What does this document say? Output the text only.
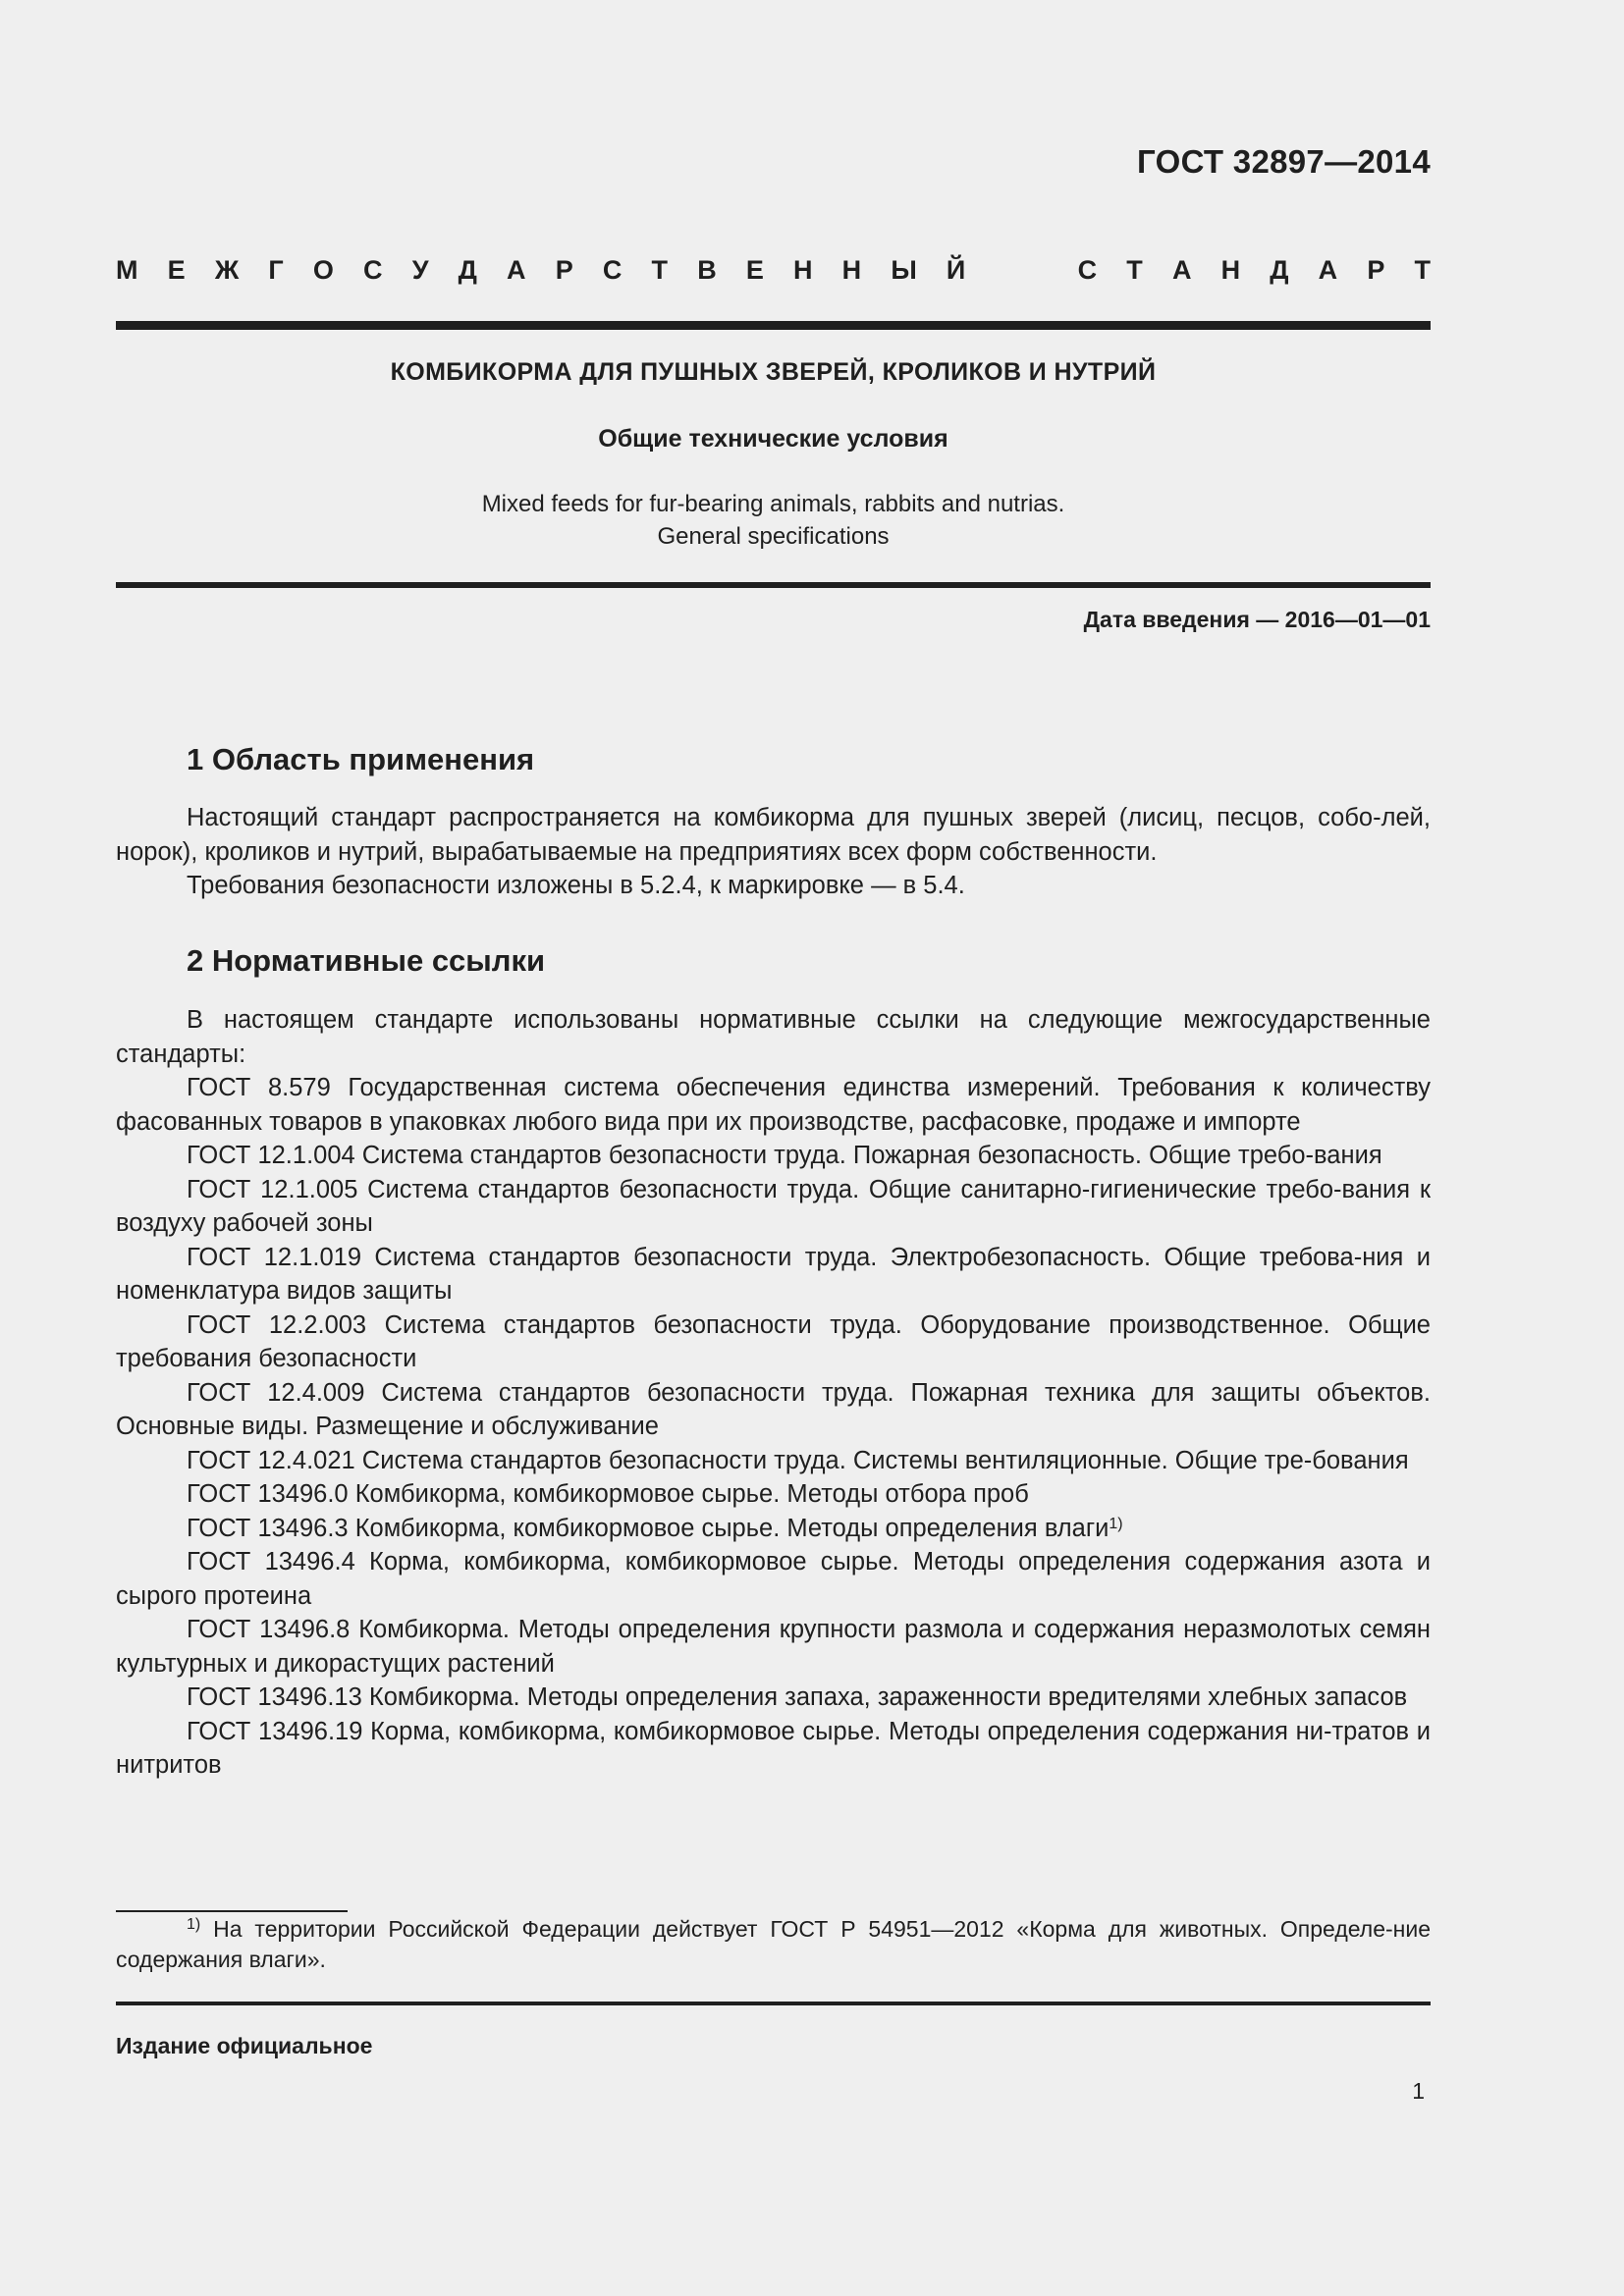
ГОСТ 32897—2014
М Е Ж Г О С У Д А Р С Т В Е Н Н Ы Й	С Т А Н Д А Р Т
КОМБИКОРМА ДЛЯ ПУШНЫХ ЗВЕРЕЙ, КРОЛИКОВ И НУТРИЙ
Общие технические условия
Mixed feeds for fur-bearing animals, rabbits and nutrias.
General specifications
Дата введения — 2016—01—01
1 Область применения

Настоящий стандарт распространяется на комбикорма для пушных зверей (лисиц, песцов, собо-лей, норок), кроликов и нутрий, вырабатываемые на предприятиях всех форм собственности.

Требования безопасности изложены в 5.2.4, к маркировке — в 5.4.

2 Нормативные ссылки

В настоящем стандарте использованы нормативные ссылки на следующие межгосударственные стандарты:

ГОСТ 8.579 Государственная система обеспечения единства измерений. Требования к количеству фасованных товаров в упаковках любого вида при их производстве, расфасовке, продаже и импорте

ГОСТ 12.1.004 Система стандартов безопасности труда. Пожарная безопасность. Общие требо-вания

ГОСТ 12.1.005 Система стандартов безопасности труда. Общие санитарно-гигиенические требо-вания к воздуху рабочей зоны

ГОСТ 12.1.019 Система стандартов безопасности труда. Электробезопасность. Общие требова-ния и номенклатура видов защиты

ГОСТ 12.2.003 Система стандартов безопасности труда. Оборудование производственное. Общие требования безопасности

ГОСТ 12.4.009 Система стандартов безопасности труда. Пожарная техника для защиты объектов. Основные виды. Размещение и обслуживание

ГОСТ 12.4.021 Система стандартов безопасности труда. Системы вентиляционные. Общие тре-бования

ГОСТ 13496.0 Комбикорма, комбикормовое сырье. Методы отбора проб

ГОСТ 13496.3 Комбикорма, комбикормовое сырье. Методы определения влаги$^{1)}$

ГОСТ 13496.4 Корма, комбикорма, комбикормовое сырье. Методы определения содержания азота и сырого протеина

ГОСТ 13496.8 Комбикорма. Методы определения крупности размола и содержания неразмолотых семян культурных и дикорастущих растений

ГОСТ 13496.13 Комбикорма. Методы определения запаха, зараженности вредителями хлебных запасов

ГОСТ 13496.19 Корма, комбикорма, комбикормовое сырье. Методы определения содержания ни-тратов и нитритов

$^{1)}$ На территории Российской Федерации действует ГОСТ Р 54951—2012 «Корма для животных. Определе-ние содержания влаги».

Издание официальное
1
